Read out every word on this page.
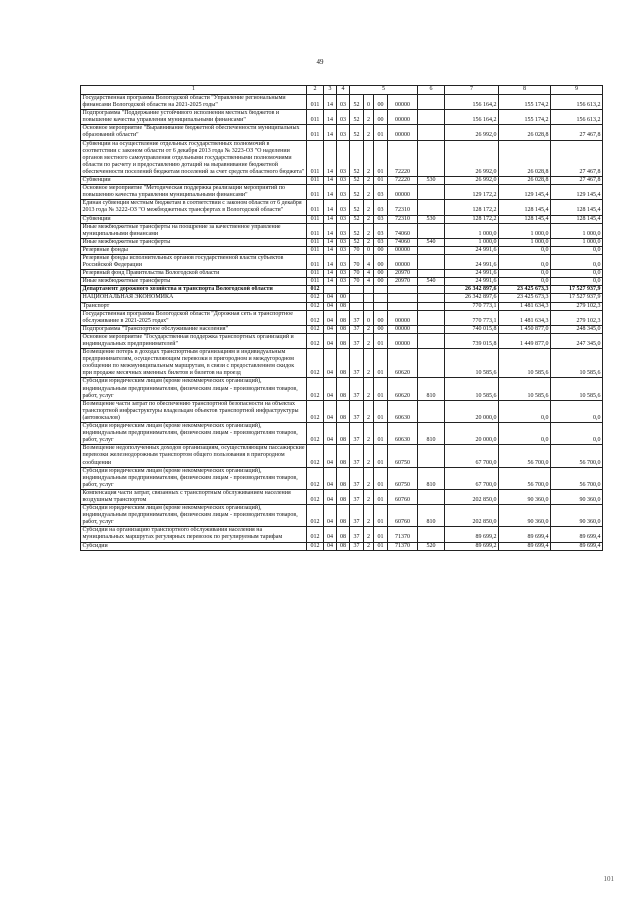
49
1	2	3	4	5				6	7	8	9
Государственная программа Вологодской области "Управление региональными финансами Вологодской области на 2021-2025 годы"	011	14	03	52	0	00	00000		156 164,2	155 174,2	156 613,2
Подпрограмма "Поддержание устойчивого исполнения местных бюджетов и повышение качества управления муниципальными финансами"	011	14	03	52	2	00	00000		156 164,2	155 174,2	156 613,2
Основное мероприятие "Выравнивание бюджетной обеспеченности муниципальных образований области"	011	14	03	52	2	01	00000		26 992,0	26 028,8	27 467,8
Субвенции на осуществление отдельных государственных полномочий в соответствии с законом области от 6 декабря 2013 года № 3223-ОЗ "О наделении органов местного самоуправления отдельными государственными полномочиями области по расчету и предоставлению дотаций на выравнивание бюджетной обеспеченности поселений бюджетам поселений за счет средств областного бюджета"	011	14	03	52	2	01	72220		26 992,0	26 028,8	27 467,8
Субвенции	011	14	03	52	2	01	72220	530	26 992,0	26 028,8	27 467,8
Основное мероприятие "Методическая поддержка реализации мероприятий по повышению качества управления муниципальными финансами"	011	14	03	52	2	03	00000		129 172,2	129 145,4	129 145,4
Единая субвенция местным бюджетам в соответствии с законом области от 6 декабря 2013 года № 3222-ОЗ "О межбюджетных трансфертах в Вологодской области"	011	14	03	52	2	03	72310		128 172,2	128 145,4	128 145,4
Субвенции	011	14	03	52	2	03	72310	530	128 172,2	128 145,4	128 145,4
Иные межбюджетные трансферты на поощрение за качественное управление муниципальными финансами	011	14	03	52	2	03	74060		1 000,0	1 000,0	1 000,0
Иные межбюджетные трансферты	011	14	03	52	2	03	74060	540	1 000,0	1 000,0	1 000,0
Резервные фонды	011	14	03	70	0	00	00000		24 991,6	0,0	0,0
Резервные фонды исполнительных органов государственной власти субъектов Российской Федерации	011	14	03	70	4	00	00000		24 991,6	0,0	0,0
Резервный фонд Правительства Вологодской области	011	14	03	70	4	00	20970		24 991,6	0,0	0,0
Иные межбюджетные трансферты	011	14	03	70	4	00	20970	540	24 991,6	0,0	0,0
Департамент дорожного хозяйства и транспорта Вологодской области	012								26 342 897,6	23 425 673,3	17 527 937,9
НАЦИОНАЛЬНАЯ ЭКОНОМИКА	012	04	00						26 342 897,6	23 425 673,3	17 527 937,9
Транспорт	012	04	08						770 773,1	1 481 634,3	279 102,3
Государственная программа Вологодской области "Дорожная сеть и транспортное обслуживание в 2021-2025 годах"	012	04	08	37	0	00	00000		770 773,1	1 481 634,3	279 102,3
Подпрограмма "Транспортное обслуживание населения"	012	04	08	37	2	00	00000		740 015,8	1 450 877,0	248 345,0
Основное мероприятие "Государственная поддержка транспортных организаций и индивидуальных предпринимателей"	012	04	08	37	2	01	00000		739 015,8	1 449 877,0	247 345,0
Возмещение потерь в доходах транспортным организациям и индивидуальным предпринимателям, осуществляющим перевозки в пригородном и междугородном сообщении по межмуниципальным маршрутам, в связи с предоставлением скидок при продаже месячных именных билетов и билетов на проезд	012	04	08	37	2	01	60620		10 585,6	10 585,6	10 585,6
Субсидии юридическим лицам (кроме некоммерческих организаций), индивидуальным предпринимателям, физическим лицам - производителям товаров, работ, услуг	012	04	08	37	2	01	60620	810	10 585,6	10 585,6	10 585,6
Возмещение части затрат по обеспечению транспортной безопасности на объектах транспортной инфраструктуры владельцам объектов транспортной инфраструктуры (автовокзалов)	012	04	08	37	2	01	60630		20 000,0	0,0	0,0
Субсидии юридическим лицам (кроме некоммерческих организаций), индивидуальным предпринимателям, физическим лицам - производителям товаров, работ, услуг	012	04	08	37	2	01	60630	810	20 000,0	0,0	0,0
Возмещение недополученных доходов организациям, осуществляющим пассажирские перевозки железнодорожным транспортом общего пользования в пригородном сообщении	012	04	08	37	2	01	60750		67 700,0	56 700,0	56 700,0
Субсидии юридическим лицам (кроме некоммерческих организаций), индивидуальным предпринимателям, физическим лицам - производителям товаров, работ, услуг	012	04	08	37	2	01	60750	810	67 700,0	56 700,0	56 700,0
Компенсация части затрат, связанных с транспортным обслуживанием населения воздушным транспортом	012	04	08	37	2	01	60760		202 850,0	90 360,0	90 360,0
Субсидии юридическим лицам (кроме некоммерческих организаций), индивидуальным предпринимателям, физическим лицам - производителям товаров, работ, услуг	012	04	08	37	2	01	60760	810	202 850,0	90 360,0	90 360,0
Субсидии на организацию транспортного обслуживания населения на муниципальных маршрутах регулярных перевозок по регулируемым тарифам	012	04	08	37	2	01	71370		89 699,2	89 699,4	89 699,4
Субсидии	012	04	08	37	2	01	71370	520	89 699,2	89 699,4	89 699,4
101
